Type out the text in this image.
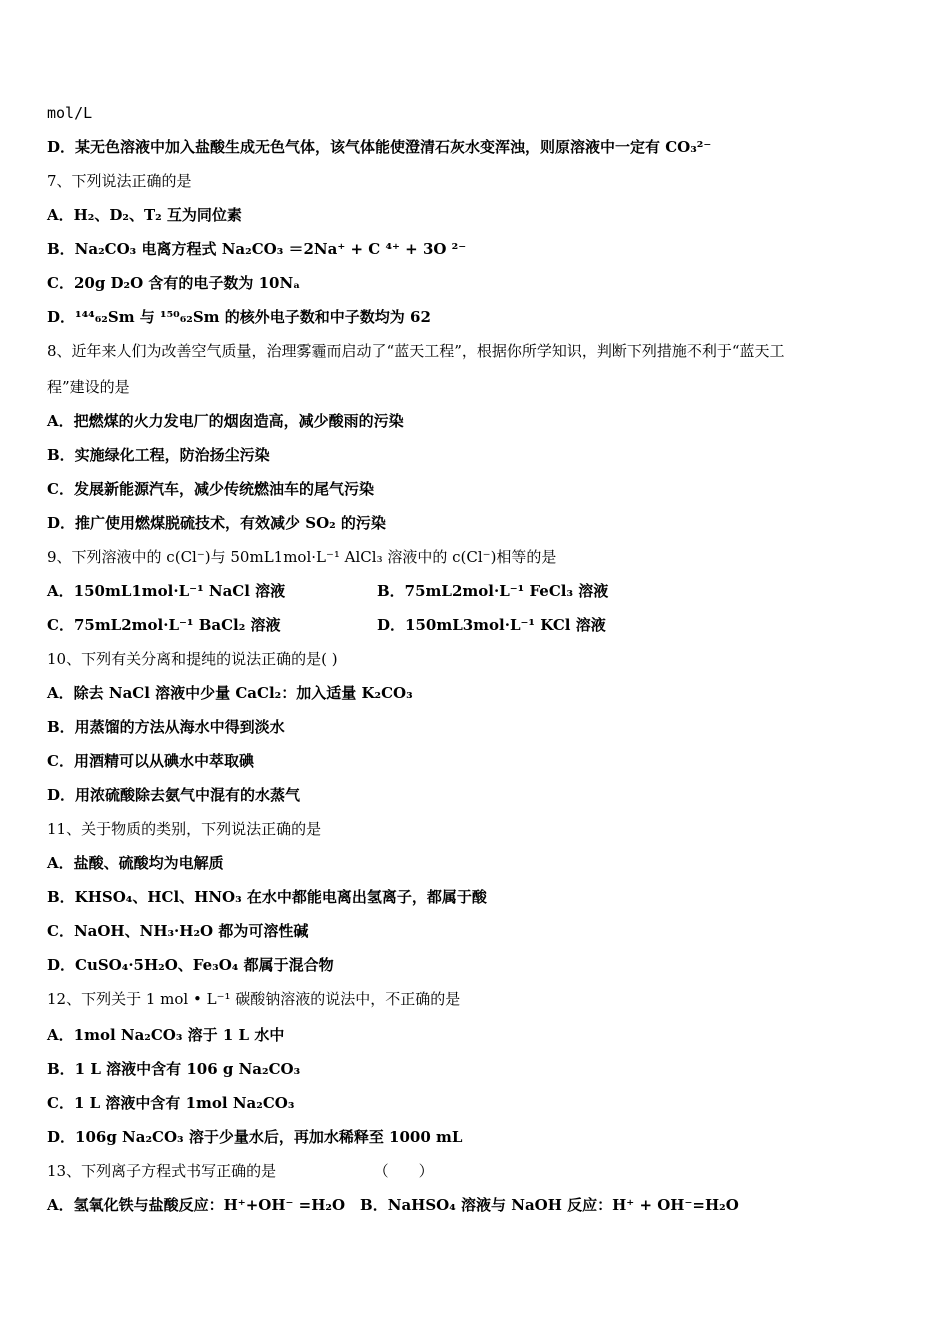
mol/L
D．某无色溶液中加入盐酸生成无色气体，该气体能使澄清石灰水变浑浊，则原溶液中一定有 CO₃²⁻
7、下列说法正确的是
A．H₂、D₂、T₂ 互为同位素
B．Na₂CO₃ 电离方程式 Na₂CO₃ ＝2Na⁺ + C ⁴⁺ + 3O ²⁻
C．20g D₂O 含有的电子数为 10Nₐ
D．¹⁴⁴₆₂Sm 与 ¹⁵⁰₆₂Sm 的核外电子数和中子数均为 62
8、近年来人们为改善空气质量，治理雾霾而启动了“蓝天工程”，根据你所学知识，判断下列措施不利于“蓝天工
程”建设的是
A．把燃煤的火力发电厂的烟囱造高，减少酸雨的污染
B．实施绿化工程，防治扬尘污染
C．发展新能源汽车，减少传统燃油车的尾气污染
D．推广使用燃煤脱硫技术，有效减少 SO₂ 的污染
9、下列溶液中的 c(Cl⁻)与 50mL1mol·L⁻¹ AlCl₃ 溶液中的 c(Cl⁻)相等的是
A．150mL1mol·L⁻¹ NaCl 溶液	B．75mL2mol·L⁻¹ FeCl₃ 溶液
C．75mL2mol·L⁻¹ BaCl₂ 溶液	D．150mL3mol·L⁻¹ KCl 溶液
10、下列有关分离和提纯的说法正确的是( )
A．除去 NaCl 溶液中少量 CaCl₂：加入适量 K₂CO₃
B．用蒸馏的方法从海水中得到淡水
C．用酒精可以从碘水中萃取碘
D．用浓硫酸除去氨气中混有的水蒸气
11、关于物质的类别，下列说法正确的是
A．盐酸、硫酸均为电解质
B．KHSO₄、HCl、HNO₃ 在水中都能电离出氢离子，都属于酸
C．NaOH、NH₃·H₂O 都为可溶性碱
D．CuSO₄·5H₂O、Fe₃O₄ 都属于混合物
12、下列关于 1 mol • L⁻¹ 碳酸钠溶液的说法中，不正确的是
A．1mol Na₂CO₃ 溶于 1 L 水中
B．1 L 溶液中含有 106 g Na₂CO₃
C．1 L 溶液中含有 1mol Na₂CO₃
D．106g Na₂CO₃ 溶于少量水后，再加水稀释至 1000 mL
13、下列离子方程式书写正确的是　　　　　　　（　　）
A．氢氧化铁与盐酸反应：H⁺+OH⁻ =H₂O　B．NaHSO₄ 溶液与 NaOH 反应：H⁺ + OH⁻=H₂O
